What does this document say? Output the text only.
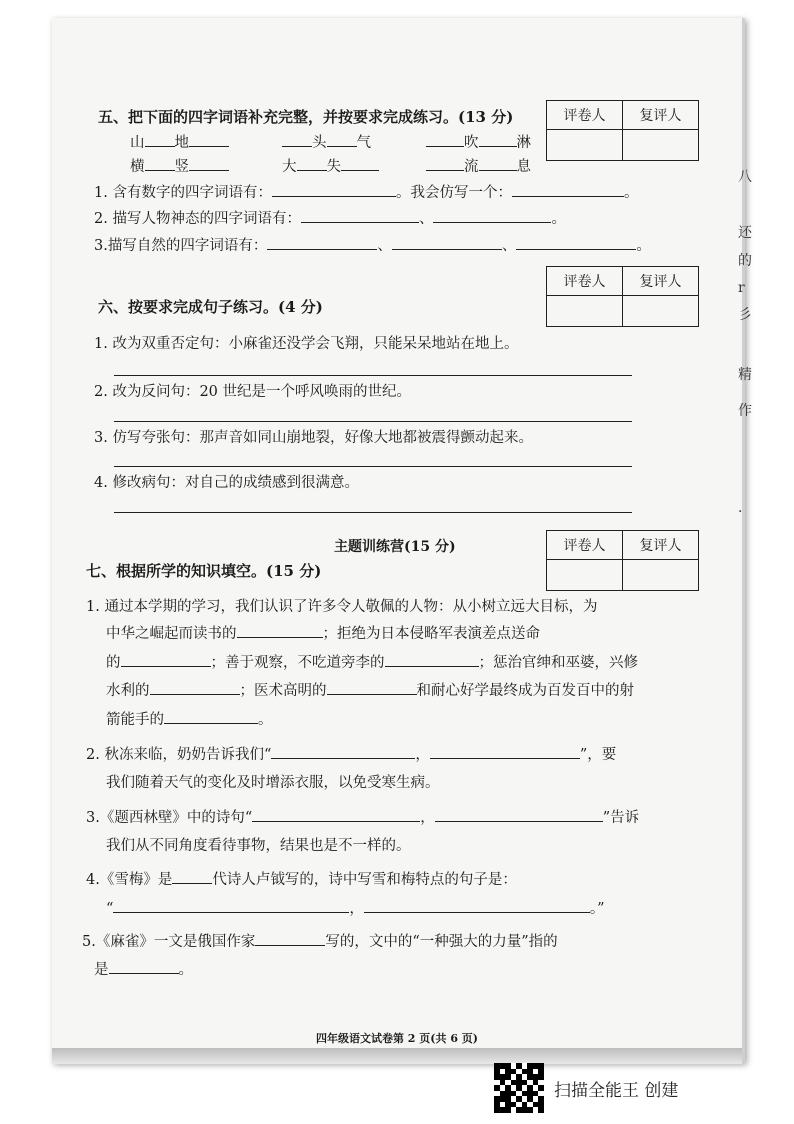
五、把下面的四字词语补充完整，并按要求完成练习。(13 分)	评卷人	复评人

山 地	头 气	吹	淋
横 竖	大 失	流	息
1. 含有数字的四字词语有：	。我会仿写一个：	。
2. 描写人物神态的四字词语有：	、	。
3.描写自然的四字词语有：	、	、	。
评卷人	复评人

六、按要求完成句子练习。(4 分)
1. 改为双重否定句：小麻雀还没学会飞翔，只能呆呆地站在地上。
2. 改为反问句：20 世纪是一个呼风唤雨的世纪。
3. 仿写夸张句：那声音如同山崩地裂，好像大地都被震得颤动起来。
4. 修改病句：对自己的成绩感到很满意。
主题训练营(15 分)	评卷人	复评人

七、根据所学的知识填空。(15 分)
1. 通过本学期的学习，我们认识了许多令人敬佩的人物：从小树立远大目标，为
中华之崛起而读书的	；拒绝为日本侵略军表演差点送命
的	；善于观察，不吃道旁李的	；惩治官绅和巫婆，兴修
水利的	；医术高明的	和耐心好学最终成为百发百中的射
箭能手的	。
2. 秋冻来临，奶奶告诉我们“	，	”，要
我们随着天气的变化及时增添衣服，以免受寒生病。
3.《题西林壁》中的诗句“	，	”告诉
我们从不同角度看待事物，结果也是不一样的。
4.《雪梅》是	代诗人卢钺写的，诗中写雪和梅特点的句子是：
“	，	。”
5.《麻雀》一文是俄国作家	写的，文中的“一种强大的力量”指的
是	。
四年级语文试卷第 2 页(共 6 页)
八
还
的
r
彡
精
作
.
扫描全能王 创建
